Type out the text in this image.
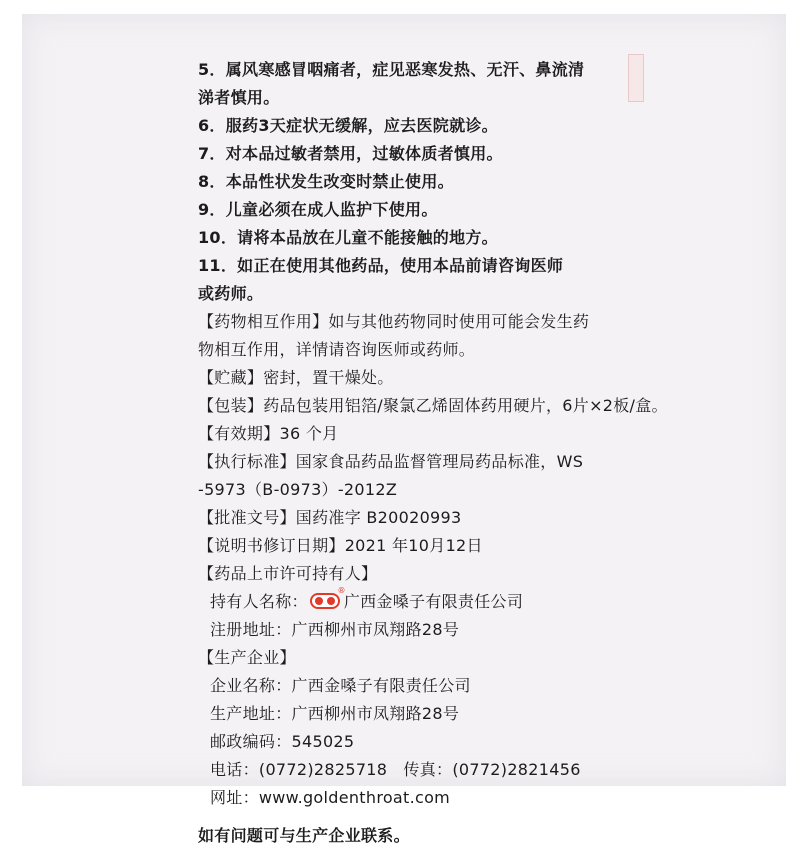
5．属风寒感冒咽痛者，症见恶寒发热、无汗、鼻流清
涕者慎用。
6．服药3天症状无缓解，应去医院就诊。
7．对本品过敏者禁用，过敏体质者慎用。
8．本品性状发生改变时禁止使用。
9．儿童必须在成人监护下使用。
10．请将本品放在儿童不能接触的地方。
11．如正在使用其他药品，使用本品前请咨询医师
或药师。
【药物相互作用】如与其他药物同时使用可能会发生药
物相互作用，详情请咨询医师或药师。
【贮藏】密封，置干燥处。
【包装】药品包装用铝箔/聚氯乙烯固体药用硬片，6片×2板/盒。
【有效期】36 个月
【执行标准】国家食品药品监督管理局药品标准，WS
-5973（B-0973）-2012Z
【批准文号】国药准字 B20020993
【说明书修订日期】2021 年10月12日
【药品上市许可持有人】
持有人名称：
®
广西金嗓子有限责任公司
注册地址：广西柳州市凤翔路28号
【生产企业】
企业名称：广西金嗓子有限责任公司
生产地址：广西柳州市凤翔路28号
邮政编码：545025
电话：(0772)2825718   传真：(0772)2821456
网址：www.goldenthroat.com
如有问题可与生产企业联系。
